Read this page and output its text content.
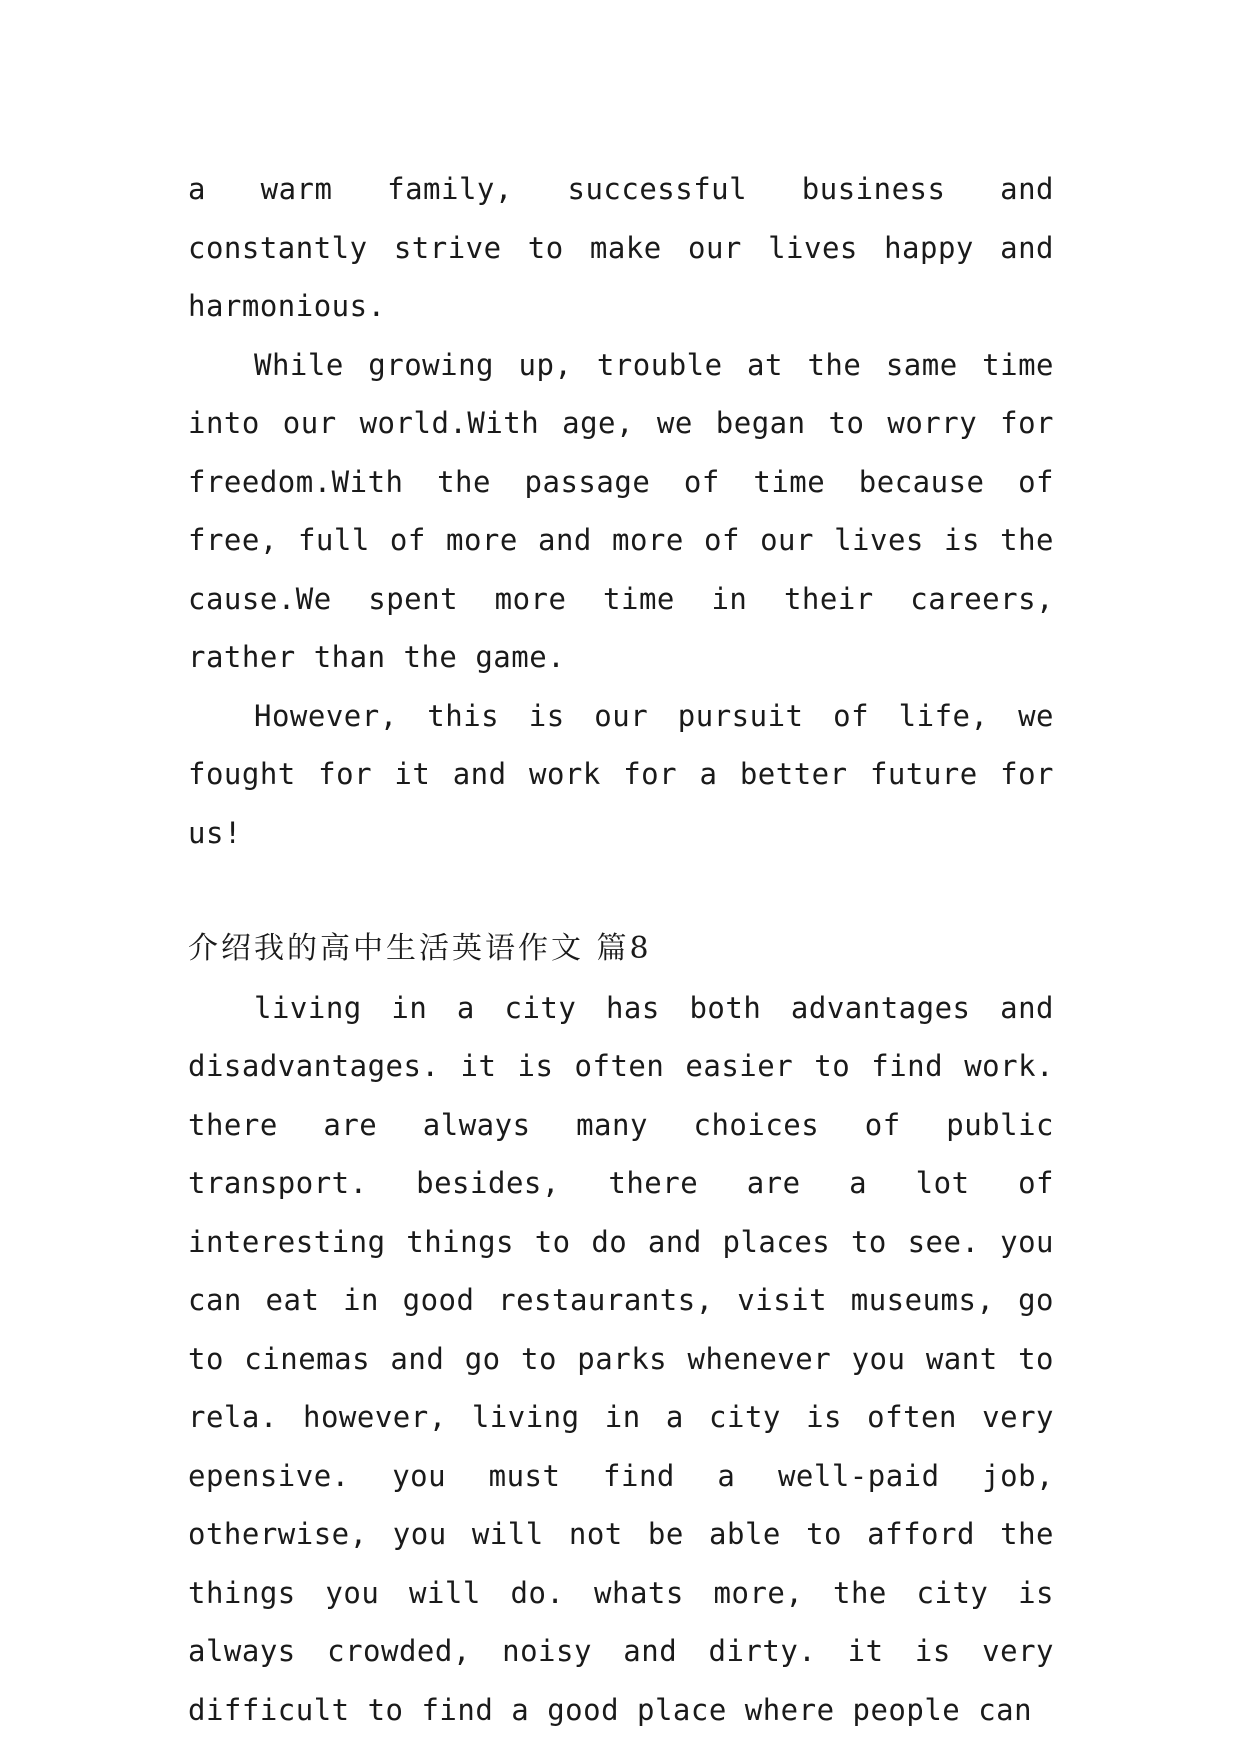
a warm family, successful business and constantly strive to make our lives happy and harmonious.

While growing up, trouble at the same time into our world.With age, we began to worry for freedom.With the passage of time because of free, full of more and more of our lives is the cause.We spent more time in their careers, rather than the game.

However, this is our pursuit of life, we fought for it and work for a better future for us!

介绍我的高中生活英语作文 篇8

living in a city has both advantages and disadvantages. it is often easier to find work. there are always many choices of public transport. besides, there are a lot of interesting things to do and places to see. you can eat in good restaurants, visit museums, go to cinemas and go to parks whenever you want to rela. however, living in a city is often very epensive. you must find a well-paid job, otherwise, you will not be able to afford the things you will do. whats more, the city is always crowded, noisy and dirty. it is very difficult to find a good place where people can
